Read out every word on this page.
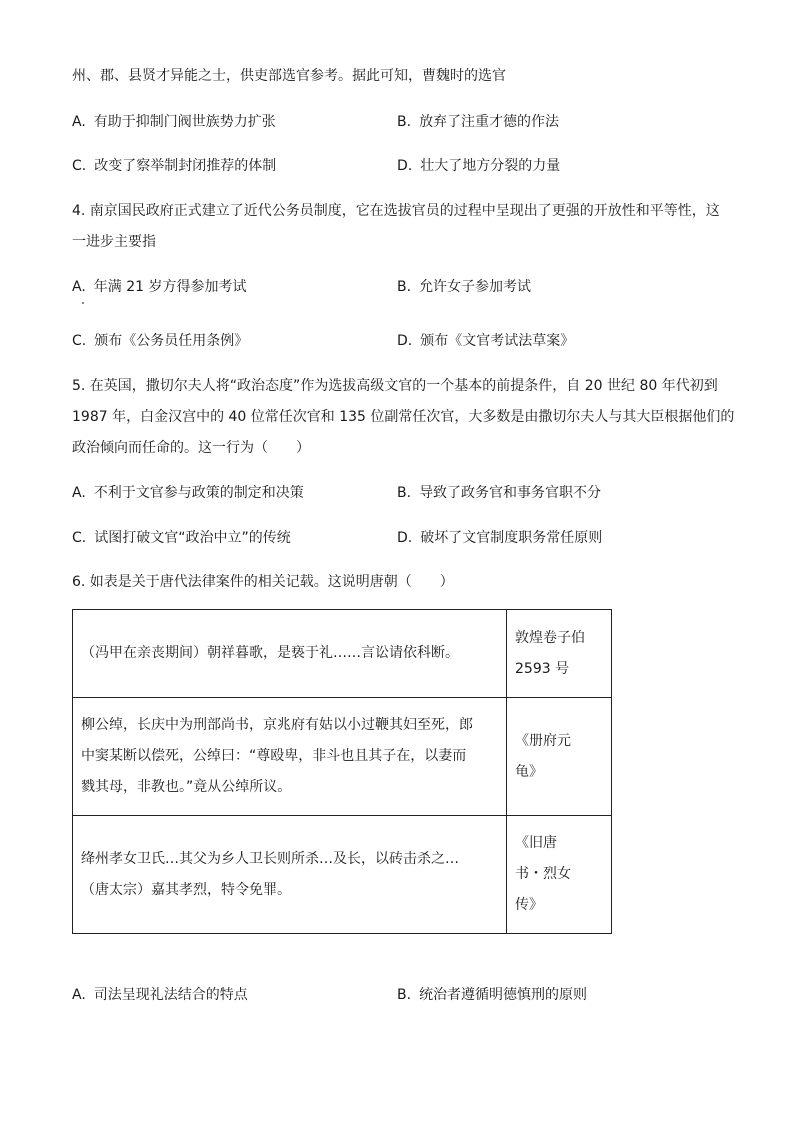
州、郡、县贤才异能之士，供吏部选官参考。据此可知，曹魏时的选官
A. 有助于抑制门阀世族势力扩张	B. 放弃了注重才德的作法
C. 改变了察举制封闭推荐的体制	D. 壮大了地方分裂的力量
4. 南京国民政府正式建立了近代公务员制度，它在选拔官员的过程中呈现出了更强的开放性和平等性，这
一进步主要指
A. 年满 21 岁方得参加考试	B. 允许女子参加考试
C. 颁布《公务员任用条例》	D. 颁布《文官考试法草案》
5. 在英国，撒切尔夫人将“政治态度”作为选拔高级文官的一个基本的前提条件，自 20 世纪 80 年代初到
1987 年，白金汉宫中的 40 位常任次官和 135 位副常任次官，大多数是由撒切尔夫人与其大臣根据他们的
政治倾向而任命的。这一行为（　　）
A. 不利于文官参与政策的制定和决策	B. 导致了政务官和事务官职不分
C. 试图打破文官“政治中立”的传统	D. 破坏了文官制度职务常任原则
6. 如表是关于唐代法律案件的相关记载。这说明唐朝（　　）
（冯甲在亲丧期间）朝祥暮歌，是亵于礼……言讼请依科断。	敦煌卷子伯
2593 号

柳公绰，长庆中为刑部尚书，京兆府有姑以小过鞭其妇至死，郎
中窦某断以偿死，公绰曰：“尊殴卑，非斗也且其子在，以妻而
戮其母，非教也。”竟从公绰所议。	《册府元
龟》

绛州孝女卫氏…其父为乡人卫长则所杀…及长，以砖击杀之…
（唐太宗）嘉其孝烈，特令免罪。	《旧唐
书・烈女
传》
A. 司法呈现礼法结合的特点	B. 统治者遵循明德慎刑的原则
